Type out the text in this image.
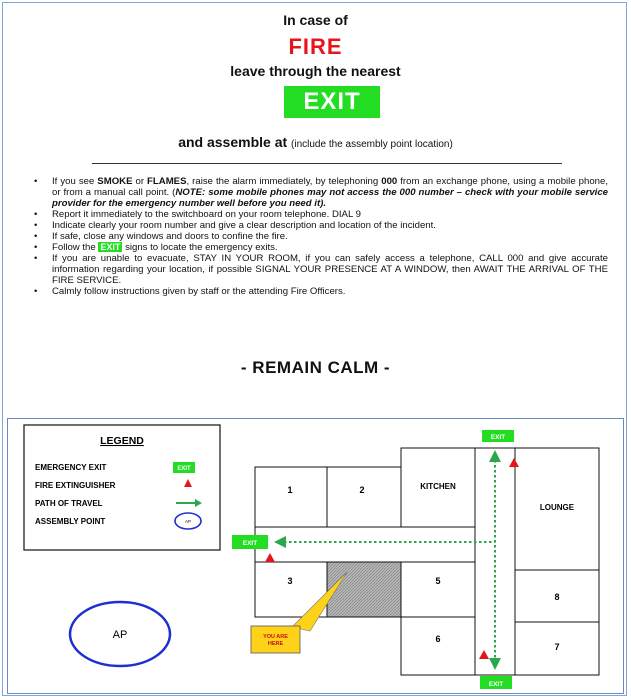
In case of
FIRE
leave through the nearest
EXIT
and assemble at (include the assembly point location)
• If you see SMOKE or FLAMES, raise the alarm immediately, by telephoning 000 from an exchange phone, using a mobile phone, or from a manual call point. (NOTE: some mobile phones may not access the 000 number – check with your mobile service provider for the emergency number well before you need it).
• Report it immediately to the switchboard on your room telephone. DIAL 9
• Indicate clearly your room number and give a clear description and location of the incident.
• If safe, close any windows and doors to confine the fire.
• Follow the EXIT signs to locate the emergency exits.
• If you are unable to evacuate, STAY IN YOUR ROOM, if you can safely access a telephone, CALL 000 and give accurate information regarding your location, if possible SIGNAL YOUR PRESENCE AT A WINDOW, then AWAIT THE ARRIVAL OF THE FIRE SERVICE.
• Calmly follow instructions given by staff or the attending Fire Officers.
- REMAIN CALM -
LEGEND
EMERGENCY EXIT	EXIT
FIRE EXTINGUISHER
PATH OF TRAVEL
ASSEMBLY POINT	AP
AP
1	2	KITCHEN
LOUNGE
3	5
6
8
7
EXIT
EXIT
EXIT
YOU ARE HERE
